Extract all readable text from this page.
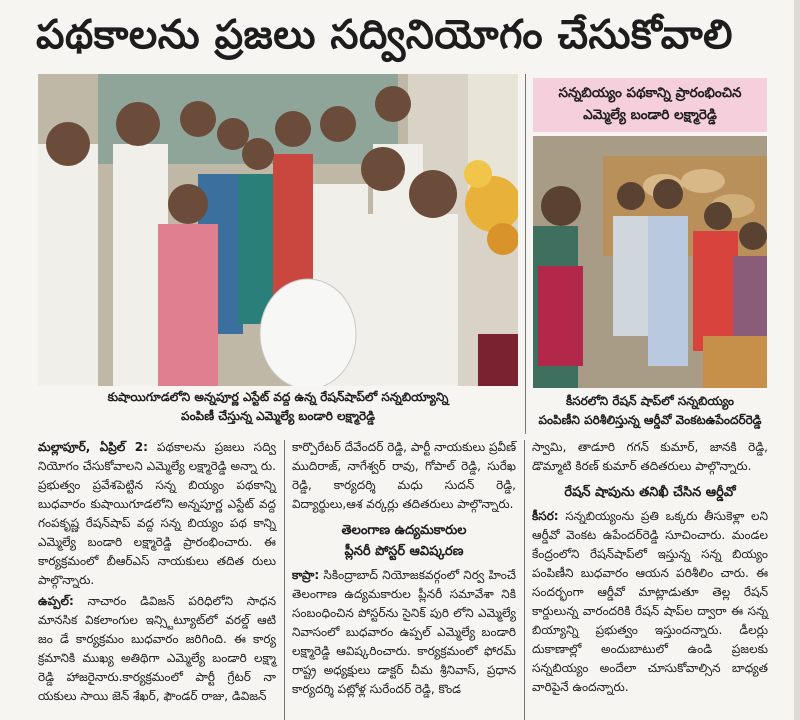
పథకాలను ప్రజలు సద్వినియోగం చేసుకోవాలి
కుషాయిగూడలోని అన్నపూర్ణ ఎస్టేట్ వద్ద ఉన్న రేషన్‌షాప్‌లో సన్నబియ్యాన్ని
పంపిణీ చేస్తున్న ఎమ్మెల్యే బండారి లక్ష్మారెడ్డి
సన్నబియ్యం పథకాన్ని ప్రారంభించిన
ఎమ్మెల్యే బండారి లక్ష్మారెడ్డి
కీసరలోని రేషన్ షాప్‌లో సన్నబియ్యం
పంపిణీని పరిశీలిస్తున్న ఆర్డీవో వెంకటఉపేందర్‌రెడ్డి

మల్లాపూర్, ఏప్రిల్ 2: పథకాలను ప్రజలు సద్వి నియోగం చేసుకోవాలని ఎమ్మెల్యే లక్ష్మారెడ్డి అన్నా రు. ప్రభుత్వం ప్రవేశపెట్టిన సన్న బియ్యం పథకాన్ని బుధవారం కుషాయిగూడలోని అన్నపూర్ణ ఎస్టేట్ వద్ద గంపకృష్ణ రేషన్‌షాప్ వద్ద సన్న బియ్యం పథ కాన్ని ఎమ్మెల్యే బండారి లక్ష్మారెడ్డి ప్రారంభించారు. ఈ కార్యక్రమంలో బీఆర్ఎస్ నాయకులు తదిత రులు పాల్గొన్నారు.

ఉప్పల్: నాచారం డివిజన్ పరిధిలోని సాధన మానసిక వికలాంగుల ఇన్స్టిట్యూట్‌లో వరల్డ్ ఆటి జం డే కార్యక్రమం బుధవారం జరిగింది. ఈ కార్య క్రమానికి ముఖ్య అతిథిగా ఎమ్మెల్యే బండారి లక్ష్మా రెడ్డి హాజరైనారు.కార్యక్రమంలో పార్టీ గ్రేటర్ నా యకులు సాయి జెన్ శేఖర్, ఫౌండర్ రాజు, డివిజన్

కార్పొరేటర్ దేవేందర్ రెడ్డి, పార్టీ నాయకులు ప్రవీణ్ ముదిరాజ్, నాగేశ్వర్ రావు, గోపాల్ రెడ్డి, సురేఖ రెడ్డి, కార్యదర్శి మధు సుదన్ రెడ్డి, విద్యార్థులు,ఆశ వర్కర్లు తదితరులు పాల్గొన్నారు.

తెలంగాణ ఉద్యమకారుల
ప్లీనరీ పోస్టర్ ఆవిష్కరణ

కాప్రా: సికింద్రాబాద్ నియోజకవర్గంలో నిర్వ హించే తెలంగాణ ఉద్యమకారుల ప్లీనరీ సమావేశా నికి సంబంధించిన పోస్టర్‌ను సైనిక్ పురి లోని ఎమ్మెల్యే నివాసంలో బుధవారం ఉప్పల్ ఎమ్మెల్యే బండారి లక్ష్మారెడ్డి ఆవిష్కరించారు. కార్యక్రమంలో ఫోరమ్ రాష్ట్ర అధ్యక్షులు డాక్టర్ చీమ శ్రీనివాస్, ప్రధాన కార్యదర్శి పట్లోళ్ల సురేందర్ రెడ్డి, కొండ

స్వామి, తాడూరి గగన్ కుమార్, జానకి రెడ్డి, డొమ్మాటి కిరణ్ కుమార్ తదితరులు పాల్గొన్నారు.

రేషన్ షాపును తనిఖీ చేసిన ఆర్డీవో

కీసర: సన్నబియ్యంను ప్రతి ఒక్కరు తీసుకెళ్లా లని ఆర్డీవో వెంకట ఉపేందర్‌రెడ్డి సూచించారు. మండల కేంద్రంలోని రేషన్‌షాప్‌లో ఇస్తున్న సన్న బియ్యం పంపిణీని బుధవారం ఆయన పరిశీలిం చారు. ఈ సందర్భంగా ఆర్డీవో మాట్లాడుతూ తెల్ల రేషన్ కార్డులున్న వారందరికి రేషన్ షాప్‌ల ద్వారా ఈ సన్న బియ్యాన్ని ప్రభుత్వం ఇస్తుందన్నారు. డీలర్లు దుకాణాల్లో అందుబాటులో ఉండి ప్రజలకు సన్నబియ్యం అందేలా చూసుకోవాల్సిన బాధ్యత వారిపైనే ఉందన్నారు.
